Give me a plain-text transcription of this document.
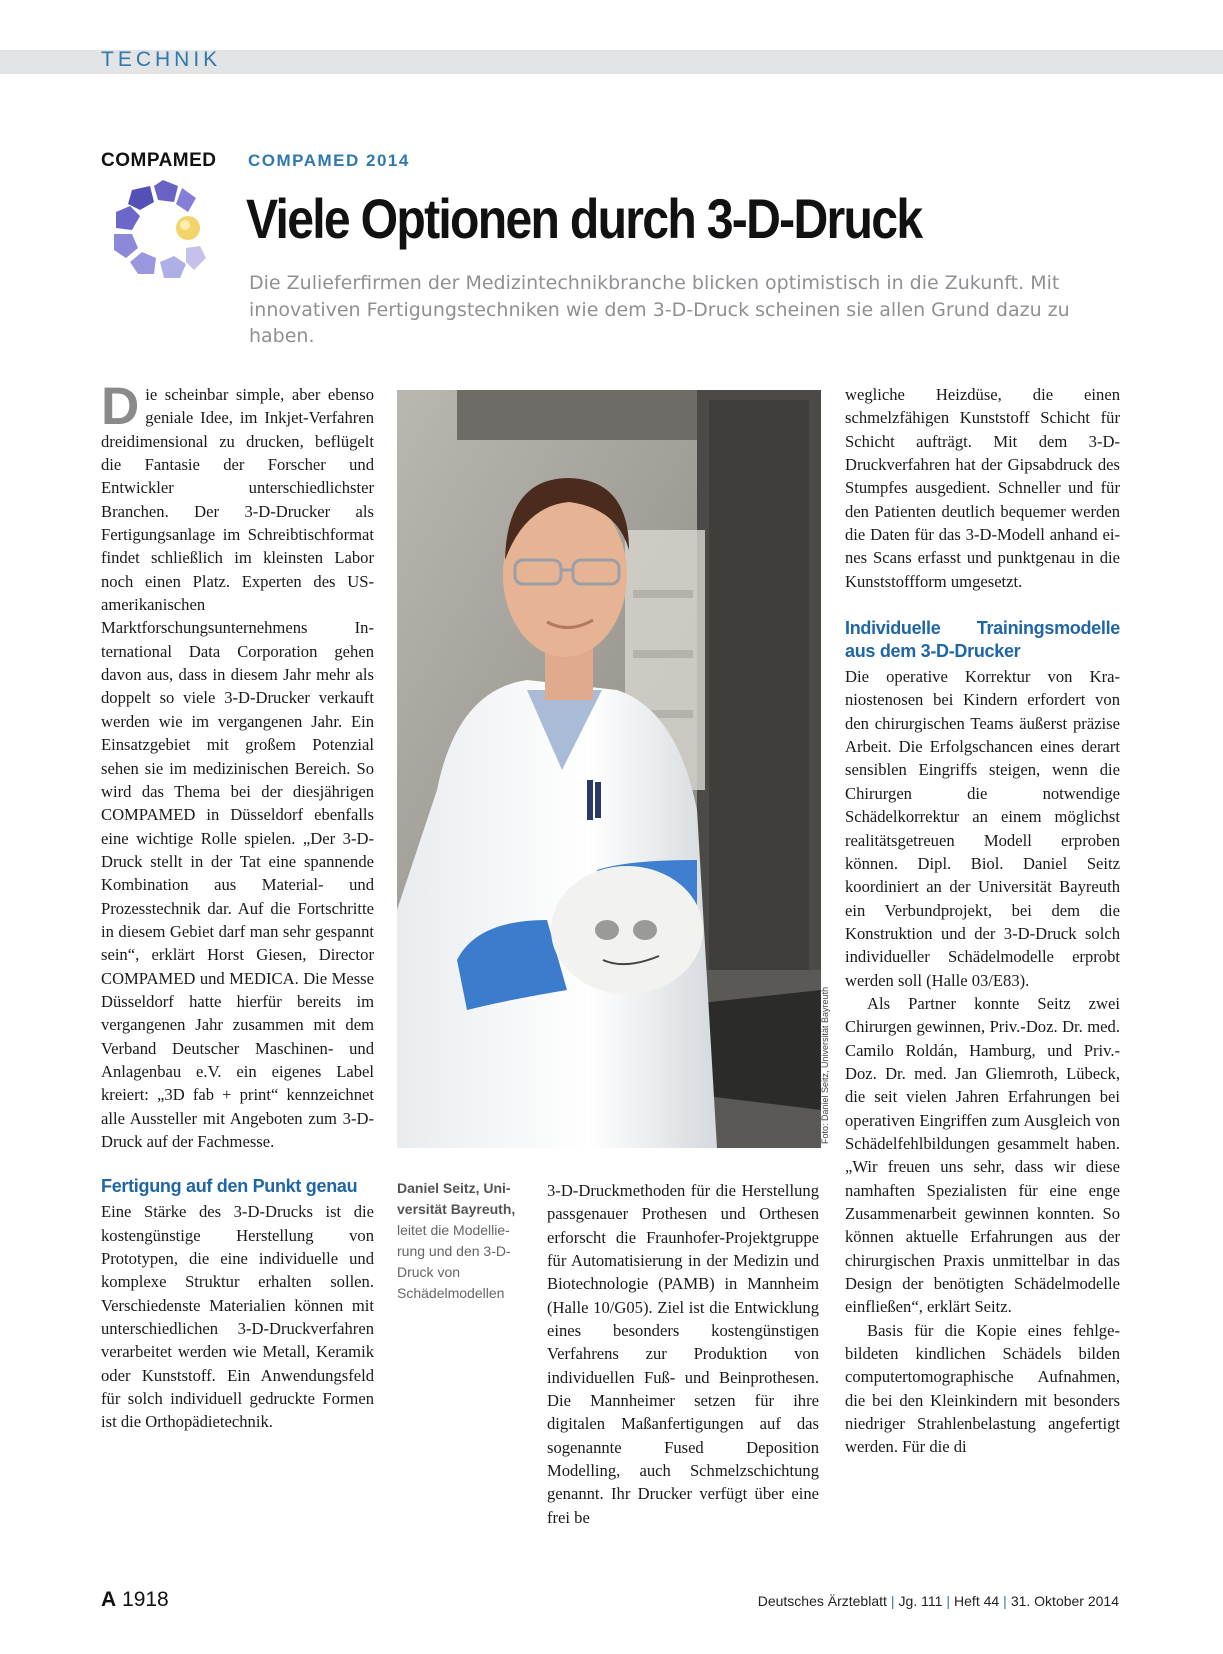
TECHNIK
COMPAMED COMPAMED 2014
Viele Optionen durch 3-D-Druck

Die Zulieferfirmen der Medizintechnikbranche blicken optimistisch in die Zukunft. Mit innovativen Fertigungstechniken wie dem 3-D-Druck scheinen sie allen Grund dazu zu haben.

D ie scheinbar simple, aber ebenso geniale Idee, im Inkjet-Verfahren dreidimensional zu drucken, beflügelt die Fantasie der Forscher und Entwickler unterschiedlichster Branchen. Der 3-D-Drucker als Fertigungsanlage im Schreibtischformat findet schließlich im kleinsten Labor noch einen Platz. Experten des US-amerikanischen Marktforschungsunternehmens International Data Corporation gehen davon aus, dass in diesem Jahr mehr als doppelt so viele 3-D-Drucker verkauft werden wie im vergangenen Jahr. Ein Einsatzgebiet mit großem Potenzial sehen sie im medizinischen Bereich. So wird das Thema bei der diesjährigen COMPAMED in Düsseldorf ebenfalls eine wichtige Rolle spielen. „Der 3-D-Druck stellt in der Tat eine spannende Kombination aus Material- und Prozesstechnik dar. Auf die Fortschritte in diesem Gebiet darf man sehr gespannt sein“, erklärt Horst Giesen, Director COMPAMED und MEDICA. Die Messe Düsseldorf hatte hierfür bereits im vergangenen Jahr zusammen mit dem Verband Deutscher Maschinen- und Anlagenbau e.V. ein eigenes Label kreiert: „3D fab + print“ kennzeichnet alle Aussteller mit Angeboten zum 3-D-Druck auf der Fachmesse.

Fertigung auf den Punkt genau

Eine Stärke des 3-D-Drucks ist die kostengünstige Herstellung von Prototypen, die eine individuelle und komplexe Struktur erhalten sollen. Verschiedenste Materialien können mit unterschiedlichen 3-D-Druckverfahren verarbeitet werden wie Metall, Keramik oder Kunststoff. Ein Anwendungsfeld für solch individuell gedruckte Formen ist die Orthopädietechnik.

Foto: Daniel Seitz, Universität Bayreuth
Daniel Seitz, Universität Bayreuth, leitet die Modellierung und den 3-D-Druck von Schädelmodellen

3-D-Druckmethoden für die Herstellung passgenauer Prothesen und Orthesen erforscht die Fraunhofer-Projektgruppe für Automatisierung in der Medizin und Biotechnologie (PAMB) in Mannheim (Halle 10/G05). Ziel ist die Entwicklung eines besonders kostengünstigen Verfahrens zur Produktion von individuellen Fuß- und Beinprothesen. Die Mannheimer setzen für ihre digitalen Maßanfertigungen auf das sogenannte Fused Deposition Modelling, auch Schmelzschichtung genannt. Ihr Drucker verfügt über eine frei be

wegliche Heizdüse, die einen schmelzfähigen Kunststoff Schicht für Schicht aufträgt. Mit dem 3-D-Druckverfahren hat der Gipsabdruck des Stumpfes ausgedient. Schneller und für den Patienten deutlich bequemer werden die Daten für das 3-D-Modell anhand eines Scans erfasst und punktgenau in die Kunststoffform umgesetzt.

Individuelle Trainingsmodelle aus dem 3-D-Drucker

Die operative Korrektur von Kraniostenosen bei Kindern erfordert von den chirurgischen Teams äußerst präzise Arbeit. Die Erfolgschancen eines derart sensiblen Eingriffs steigen, wenn die Chirurgen die notwendige Schädelkorrektur an einem möglichst realitätsgetreuen Modell erproben können. Dipl. Biol. Daniel Seitz koordiniert an der Universität Bayreuth ein Verbundprojekt, bei dem die Konstruktion und der 3-D-Druck solch individueller Schädelmodelle erprobt werden soll (Halle 03/E83).

Als Partner konnte Seitz zwei Chirurgen gewinnen, Priv.-Doz. Dr. med. Camilo Roldán, Hamburg, und Priv.-Doz. Dr. med. Jan Gliemroth, Lübeck, die seit vielen Jahren Erfahrungen bei operativen Eingriffen zum Ausgleich von Schädelfehlbildungen gesammelt haben. „Wir freuen uns sehr, dass wir diese namhaften Spezialisten für eine enge Zusammenarbeit gewinnen konnten. So können aktuelle Erfahrungen aus der chirurgischen Praxis unmittelbar in das Design der benötigten Schädelmodelle einfließen“, erklärt Seitz.

Basis für die Kopie eines fehlgebildeten kindlichen Schädels bilden computertomographische Aufnahmen, die bei den Kleinkindern mit besonders niedriger Strahlenbelastung angefertigt werden. Für die di

A 1918	Deutsches Ärzteblatt | Jg. 111 | Heft 44 | 31. Oktober 2014
